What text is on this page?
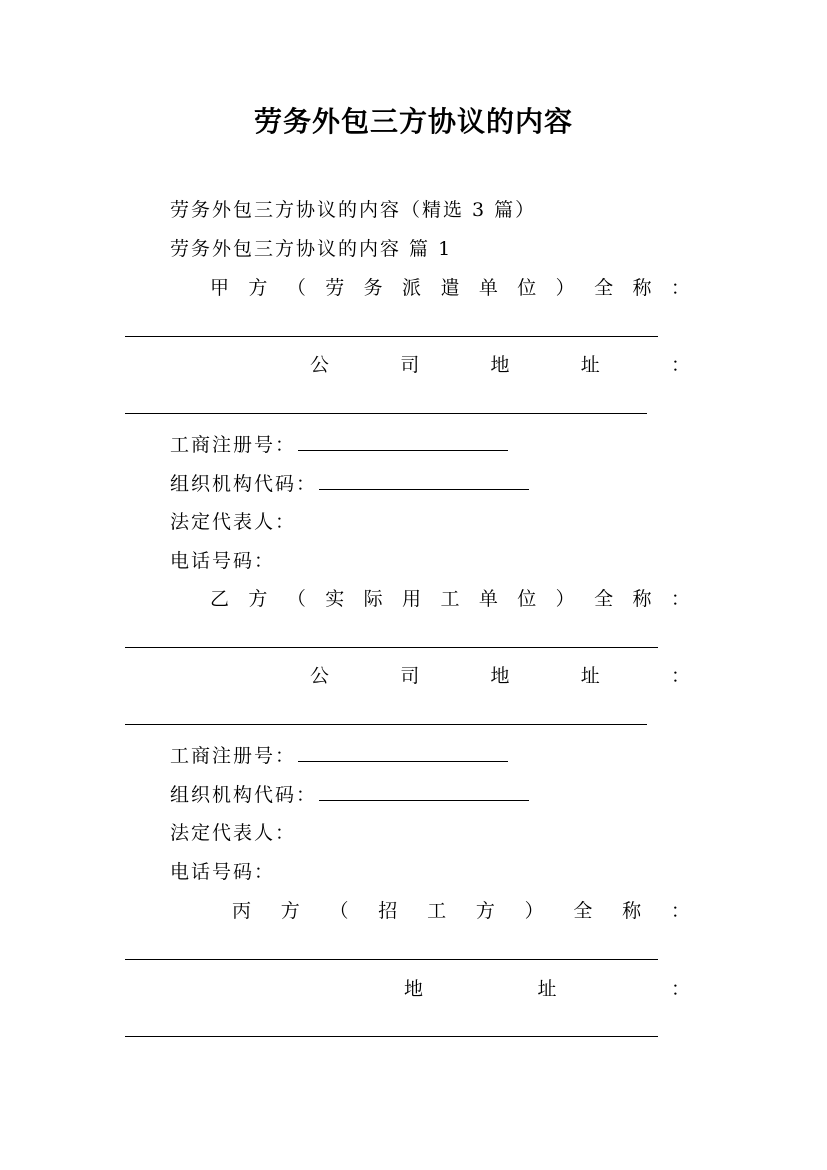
劳务外包三方协议的内容
劳务外包三方协议的内容（精选 3 篇）
劳务外包三方协议的内容 篇 1
甲 方 （ 劳 务 派 遣 单 位 ） 全 称 ：
公	司	地	址	：
工商注册号：
组织机构代码：
法定代表人：
电话号码：
乙 方 （ 实 际 用 工 单 位 ） 全 称 ：
公	司	地	址	：
工商注册号：
组织机构代码：
法定代表人：
电话号码：
丙 方 （ 招 工 方 ） 全 称 ：
地	址	：
